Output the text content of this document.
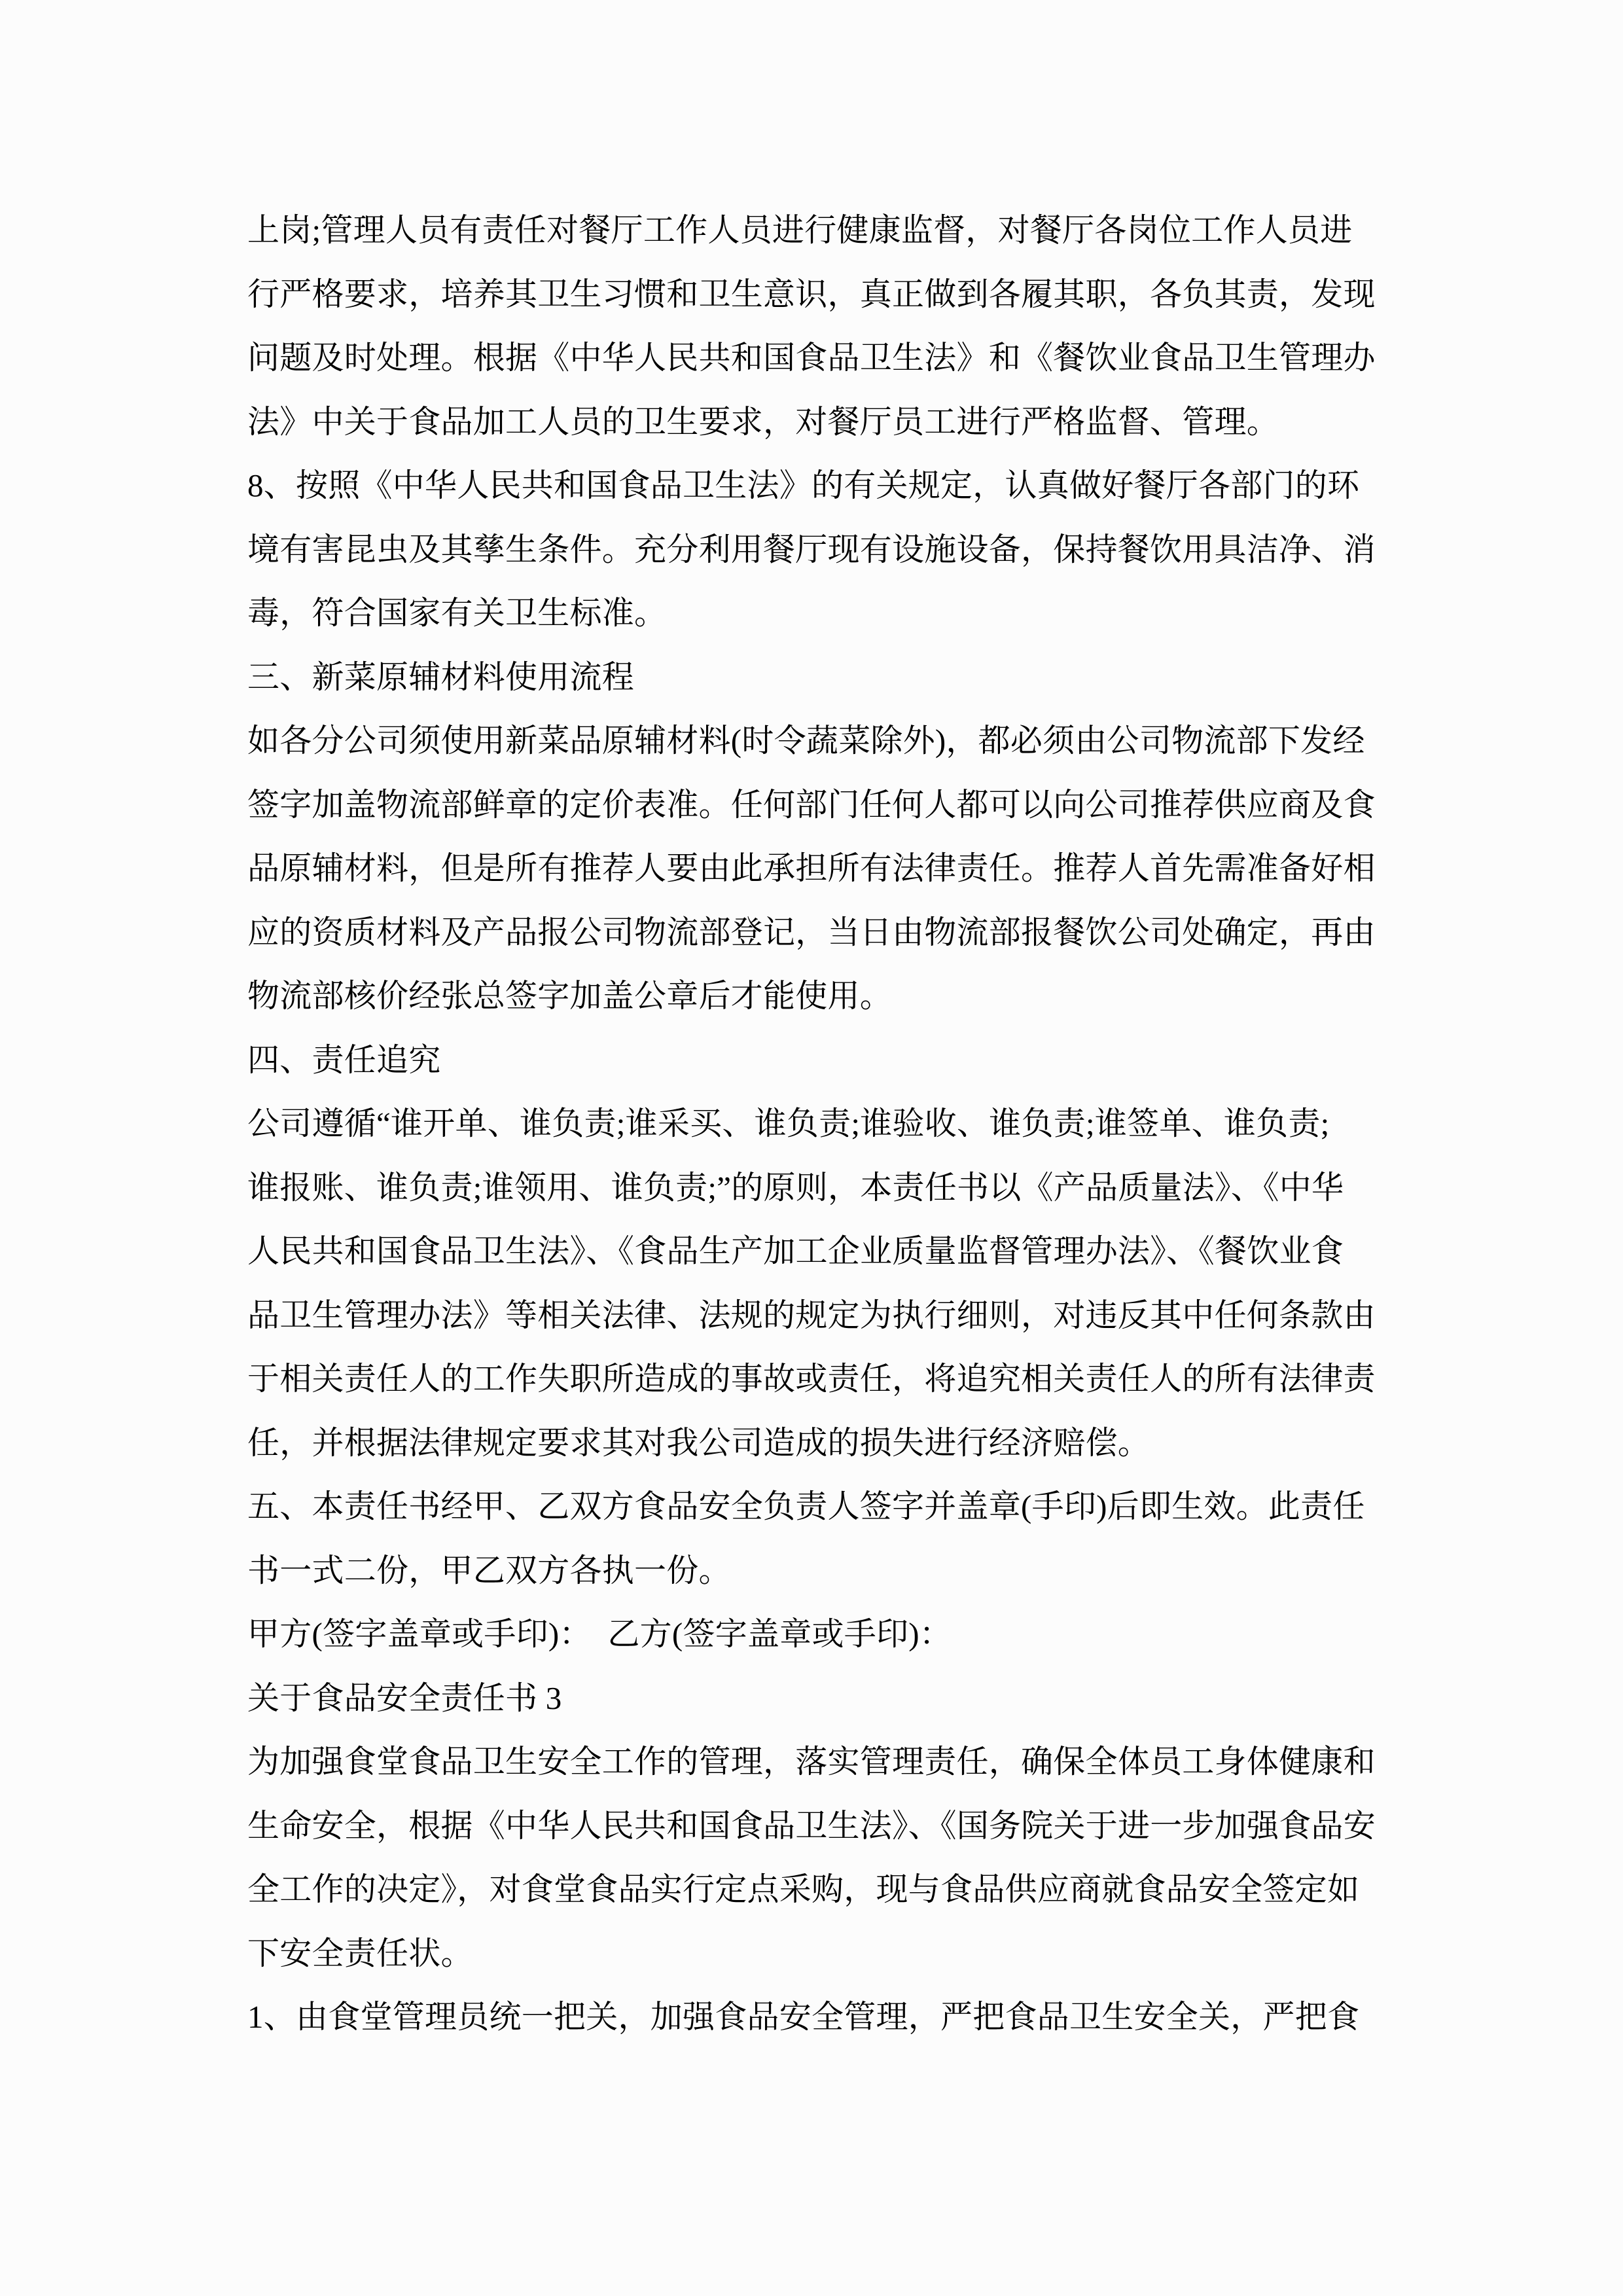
上岗;管理人员有责任对餐厅工作人员进行健康监督，对餐厅各岗位工作人员进
行严格要求，培养其卫生习惯和卫生意识，真正做到各履其职，各负其责，发现
问题及时处理。根据《中华人民共和国食品卫生法》和《餐饮业食品卫生管理办
法》中关于食品加工人员的卫生要求，对餐厅员工进行严格监督、管理。
8、按照《中华人民共和国食品卫生法》的有关规定，认真做好餐厅各部门的环
境有害昆虫及其孳生条件。充分利用餐厅现有设施设备，保持餐饮用具洁净、消
毒，符合国家有关卫生标准。
三、新菜原辅材料使用流程
如各分公司须使用新菜品原辅材料(时令蔬菜除外)，都必须由公司物流部下发经
签字加盖物流部鲜章的定价表准。任何部门任何人都可以向公司推荐供应商及食
品原辅材料，但是所有推荐人要由此承担所有法律责任。推荐人首先需准备好相
应的资质材料及产品报公司物流部登记，当日由物流部报餐饮公司处确定，再由
物流部核价经张总签字加盖公章后才能使用。
四、责任追究
公司遵循“谁开单、谁负责;谁采买、谁负责;谁验收、谁负责;谁签单、谁负责;
谁报账、谁负责;谁领用、谁负责;”的原则，本责任书以《产品质量法》、《中华
人民共和国食品卫生法》、《食品生产加工企业质量监督管理办法》、《餐饮业食
品卫生管理办法》等相关法律、法规的规定为执行细则，对违反其中任何条款由
于相关责任人的工作失职所造成的事故或责任，将追究相关责任人的所有法律责
任，并根据法律规定要求其对我公司造成的损失进行经济赔偿。
五、本责任书经甲、乙双方食品安全负责人签字并盖章(手印)后即生效。此责任
书一式二份，甲乙双方各执一份。
甲方(签字盖章或手印)：　乙方(签字盖章或手印)：
关于食品安全责任书 3
为加强食堂食品卫生安全工作的管理，落实管理责任，确保全体员工身体健康和
生命安全，根据《中华人民共和国食品卫生法》、《国务院关于进一步加强食品安
全工作的决定》，对食堂食品实行定点采购，现与食品供应商就食品安全签定如
下安全责任状。
1、由食堂管理员统一把关，加强食品安全管理，严把食品卫生安全关，严把食
